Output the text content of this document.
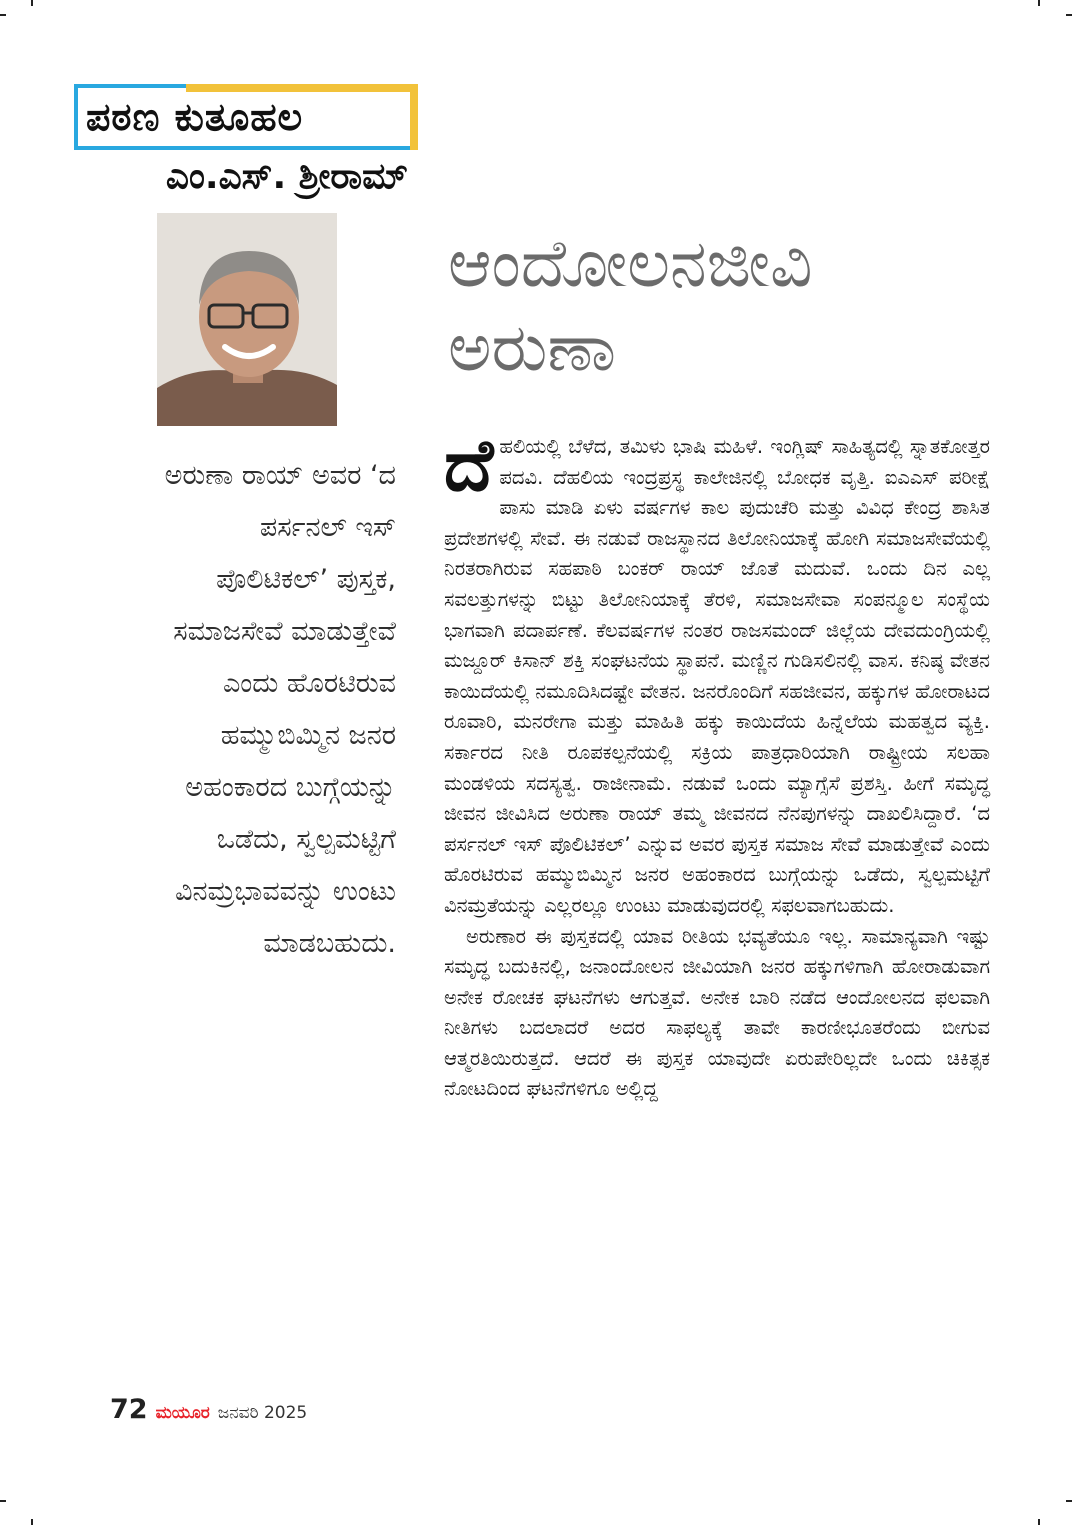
ಪಠಣ ಕುತೂಹಲ
ಎಂ.ಎಸ್. ಶ್ರೀರಾಮ್
ಆಂದೋಲನಜೀವಿ
ಅರುಣಾ
ಅರುಣಾ ರಾಯ್ ಅವರ ‘ದ ಪರ್ಸನಲ್ ಇಸ್ ಪೊಲಿಟಿಕಲ್’ ಪುಸ್ತಕ, ಸಮಾಜಸೇವೆ ಮಾಡುತ್ತೇವೆ ಎಂದು ಹೊರಟಿರುವ ಹಮ್ಮುಬಿಮ್ಮಿನ ಜನರ ಅಹಂಕಾರದ ಬುಗ್ಗೆಯನ್ನು ಒಡೆದು, ಸ್ವಲ್ಪಮಟ್ಟಿಗೆ ವಿನಮ್ರಭಾವವನ್ನು ಉಂಟು ಮಾಡಬಹುದು.

ದೆಹಲಿಯಲ್ಲಿ ಬೆಳೆದ, ತಮಿಳು ಭಾಷಿ ಮಹಿಳೆ. ಇಂಗ್ಲಿಷ್ ಸಾಹಿತ್ಯದಲ್ಲಿ ಸ್ನಾತಕೋತ್ತರ ಪದವಿ. ದೆಹಲಿಯ ಇಂದ್ರಪ್ರಸ್ಥ ಕಾಲೇಜಿನಲ್ಲಿ ಬೋಧಕ ವೃತ್ತಿ. ಐಎಎಸ್ ಪರೀಕ್ಷೆ ಪಾಸು ಮಾಡಿ ಏಳು ವರ್ಷಗಳ ಕಾಲ ಪುದುಚೆರಿ ಮತ್ತು ವಿವಿಧ ಕೇಂದ್ರ ಶಾಸಿತ ಪ್ರದೇಶಗಳಲ್ಲಿ ಸೇವೆ. ಈ ನಡುವೆ ರಾಜಸ್ಥಾನದ ತಿಲೋನಿಯಾಕ್ಕೆ ಹೋಗಿ ಸಮಾಜಸೇವೆಯಲ್ಲಿ ನಿರತರಾಗಿರುವ ಸಹಪಾಠಿ ಬಂಕರ್ ರಾಯ್ ಜೊತೆ ಮದುವೆ. ಒಂದು ದಿನ ಎಲ್ಲ ಸವಲತ್ತುಗಳನ್ನು ಬಿಟ್ಟು ತಿಲೋನಿಯಾಕ್ಕೆ ತೆರಳಿ, ಸಮಾಜಸೇವಾ ಸಂಪನ್ಮೂಲ ಸಂಸ್ಥೆಯ ಭಾಗವಾಗಿ ಪದಾರ್ಪಣೆ. ಕೆಲವರ್ಷಗಳ ನಂತರ ರಾಜಸಮಂದ್ ಜಿಲ್ಲೆಯ ದೇವದುಂಗ್ರಿಯಲ್ಲಿ ಮಜ್ದೂರ್ ಕಿಸಾನ್ ಶಕ್ತಿ ಸಂಘಟನೆಯ ಸ್ಥಾಪನೆ. ಮಣ್ಣಿನ ಗುಡಿಸಲಿನಲ್ಲಿ ವಾಸ. ಕನಿಷ್ಠ ವೇತನ ಕಾಯಿದೆಯಲ್ಲಿ ನಮೂದಿಸಿದಷ್ಟೇ ವೇತನ. ಜನರೊಂದಿಗೆ ಸಹಜೀವನ, ಹಕ್ಕುಗಳ ಹೋರಾಟದ ರೂವಾರಿ, ಮನರೇಗಾ ಮತ್ತು ಮಾಹಿತಿ ಹಕ್ಕು ಕಾಯಿದೆಯ ಹಿನ್ನೆಲೆಯ ಮಹತ್ವದ ವ್ಯಕ್ತಿ. ಸರ್ಕಾರದ ನೀತಿ ರೂಪಕಲ್ಪನೆಯಲ್ಲಿ ಸಕ್ರಿಯ ಪಾತ್ರಧಾರಿಯಾಗಿ ರಾಷ್ಟ್ರೀಯ ಸಲಹಾ ಮಂಡಳಿಯ ಸದಸ್ಯತ್ವ. ರಾಜೀನಾಮೆ. ನಡುವೆ ಒಂದು ಮ್ಯಾಗ್ಸೆಸೆ ಪ್ರಶಸ್ತಿ. ಹೀಗೆ ಸಮೃದ್ಧ ಜೀವನ ಜೀವಿಸಿದ ಅರುಣಾ ರಾಯ್ ತಮ್ಮ ಜೀವನದ ನೆನಪುಗಳನ್ನು ದಾಖಲಿಸಿದ್ದಾರೆ. ‘ದ ಪರ್ಸನಲ್ ಇಸ್ ಪೊಲಿಟಿಕಲ್’ ಎನ್ನುವ ಅವರ ಪುಸ್ತಕ ಸಮಾಜ ಸೇವೆ ಮಾಡುತ್ತೇವೆ ಎಂದು ಹೊರಟಿರುವ ಹಮ್ಮುಬಿಮ್ಮಿನ ಜನರ ಅಹಂಕಾರದ ಬುಗ್ಗೆಯನ್ನು ಒಡೆದು, ಸ್ವಲ್ಪಮಟ್ಟಿಗೆ ವಿನಮ್ರತೆಯನ್ನು ಎಲ್ಲರಲ್ಲೂ ಉಂಟು ಮಾಡುವುದರಲ್ಲಿ ಸಫಲವಾಗಬಹುದು.

ಅರುಣಾರ ಈ ಪುಸ್ತಕದಲ್ಲಿ ಯಾವ ರೀತಿಯ ಭವ್ಯತೆಯೂ ಇಲ್ಲ. ಸಾಮಾನ್ಯವಾಗಿ ಇಷ್ಟು ಸಮೃದ್ಧ ಬದುಕಿನಲ್ಲಿ, ಜನಾಂದೋಲನ ಜೀವಿಯಾಗಿ ಜನರ ಹಕ್ಕುಗಳಿಗಾಗಿ ಹೋರಾಡುವಾಗ ಅನೇಕ ರೋಚಕ ಘಟನೆಗಳು ಆಗುತ್ತವೆ. ಅನೇಕ ಬಾರಿ ನಡೆದ ಆಂದೋಲನದ ಫಲವಾಗಿ ನೀತಿಗಳು ಬದಲಾದರೆ ಅದರ ಸಾಫಲ್ಯಕ್ಕೆ ತಾವೇ ಕಾರಣೀಭೂತರೆಂದು ಬೀಗುವ ಆತ್ಮರತಿಯಿರುತ್ತದೆ. ಆದರೆ ಈ ಪುಸ್ತಕ ಯಾವುದೇ ಏರುಪೇರಿಲ್ಲದೇ ಒಂದು ಚಿಕಿತ್ಸಕ ನೋಟದಿಂದ ಘಟನೆಗಳಿಗೂ ಅಲ್ಲಿದ್ದ

72 ಮಯೂರ ಜನವರಿ 2025
